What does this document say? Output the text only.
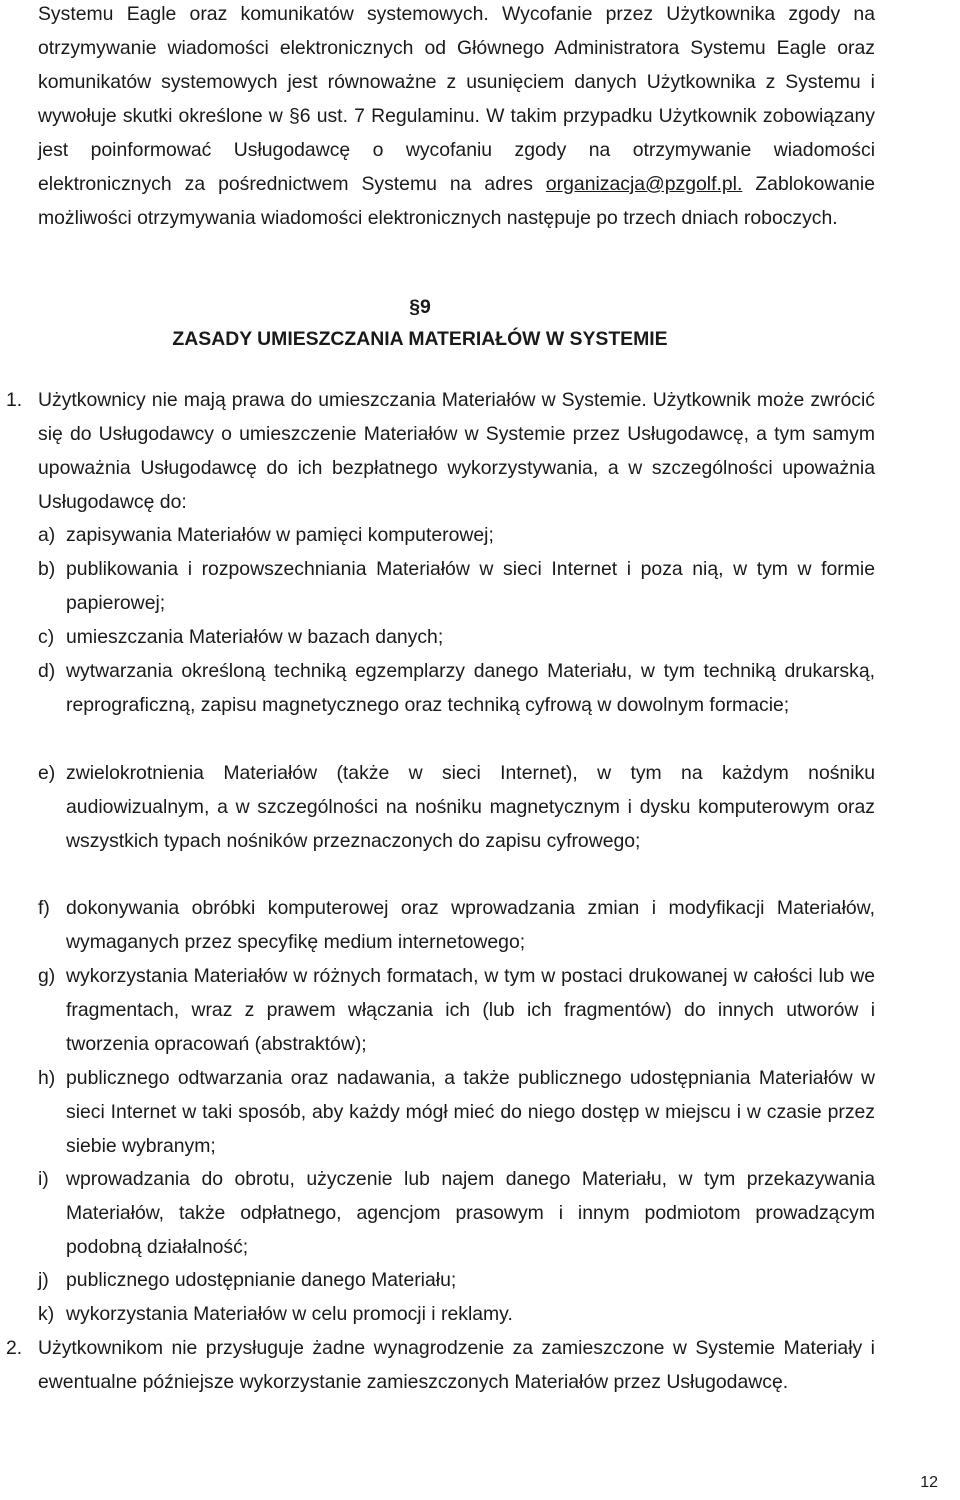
Systemu Eagle oraz komunikatów systemowych. Wycofanie przez Użytkownika zgody na otrzymywanie wiadomości elektronicznych od Głównego Administratora Systemu Eagle oraz komunikatów systemowych jest równoważne z usunięciem danych Użytkownika z Systemu i wywołuje skutki określone w §6 ust. 7 Regulaminu. W takim przypadku Użytkownik zobowiązany jest poinformować Usługodawcę o wycofaniu zgody na otrzymywanie wiadomości elektronicznych za pośrednictwem Systemu na adres organizacja@pzgolf.pl. Zablokowanie możliwości otrzymywania wiadomości elektronicznych następuje po trzech dniach roboczych.

§9
ZASADY UMIESZCZANIA MATERIAŁÓW W SYSTEMIE
1. Użytkownicy nie mają prawa do umieszczania Materiałów w Systemie. Użytkownik może zwrócić się do Usługodawcy o umieszczenie Materiałów w Systemie przez Usługodawcę, a tym samym upoważnia Usługodawcę do ich bezpłatnego wykorzystywania, a w szczególności upoważnia Usługodawcę do:
a) zapisywania Materiałów w pamięci komputerowej;
b) publikowania i rozpowszechniania Materiałów w sieci Internet i poza nią, w tym w formie papierowej;
c) umieszczania Materiałów w bazach danych;
d) wytwarzania określoną techniką egzemplarzy danego Materiału, w tym techniką drukarską, reprograficzną, zapisu magnetycznego oraz techniką cyfrową w dowolnym formacie;
e) zwielokrotnienia Materiałów (także w sieci Internet), w tym na każdym nośniku audiowizualnym, a w szczególności na nośniku magnetycznym i dysku komputerowym oraz wszystkich typach nośników przeznaczonych do zapisu cyfrowego;
f) dokonywania obróbki komputerowej oraz wprowadzania zmian i modyfikacji Materiałów, wymaganych przez specyfikę medium internetowego;
g) wykorzystania Materiałów w różnych formatach, w tym w postaci drukowanej w całości lub we fragmentach, wraz z prawem włączania ich (lub ich fragmentów) do innych utworów i tworzenia opracowań (abstraktów);
h) publicznego odtwarzania oraz nadawania, a także publicznego udostępniania Materiałów w sieci Internet w taki sposób, aby każdy mógł mieć do niego dostęp w miejscu i w czasie przez siebie wybranym;
i) wprowadzania do obrotu, użyczenie lub najem danego Materiału, w tym przekazywania Materiałów, także odpłatnego, agencjom prasowym i innym podmiotom prowadzącym podobną działalność;
j) publicznego udostępnianie danego Materiału;
k) wykorzystania Materiałów w celu promocji i reklamy.
2. Użytkownikom nie przysługuje żadne wynagrodzenie za zamieszczone w Systemie Materiały i ewentualne późniejsze wykorzystanie zamieszczonych Materiałów przez Usługodawcę.
12
